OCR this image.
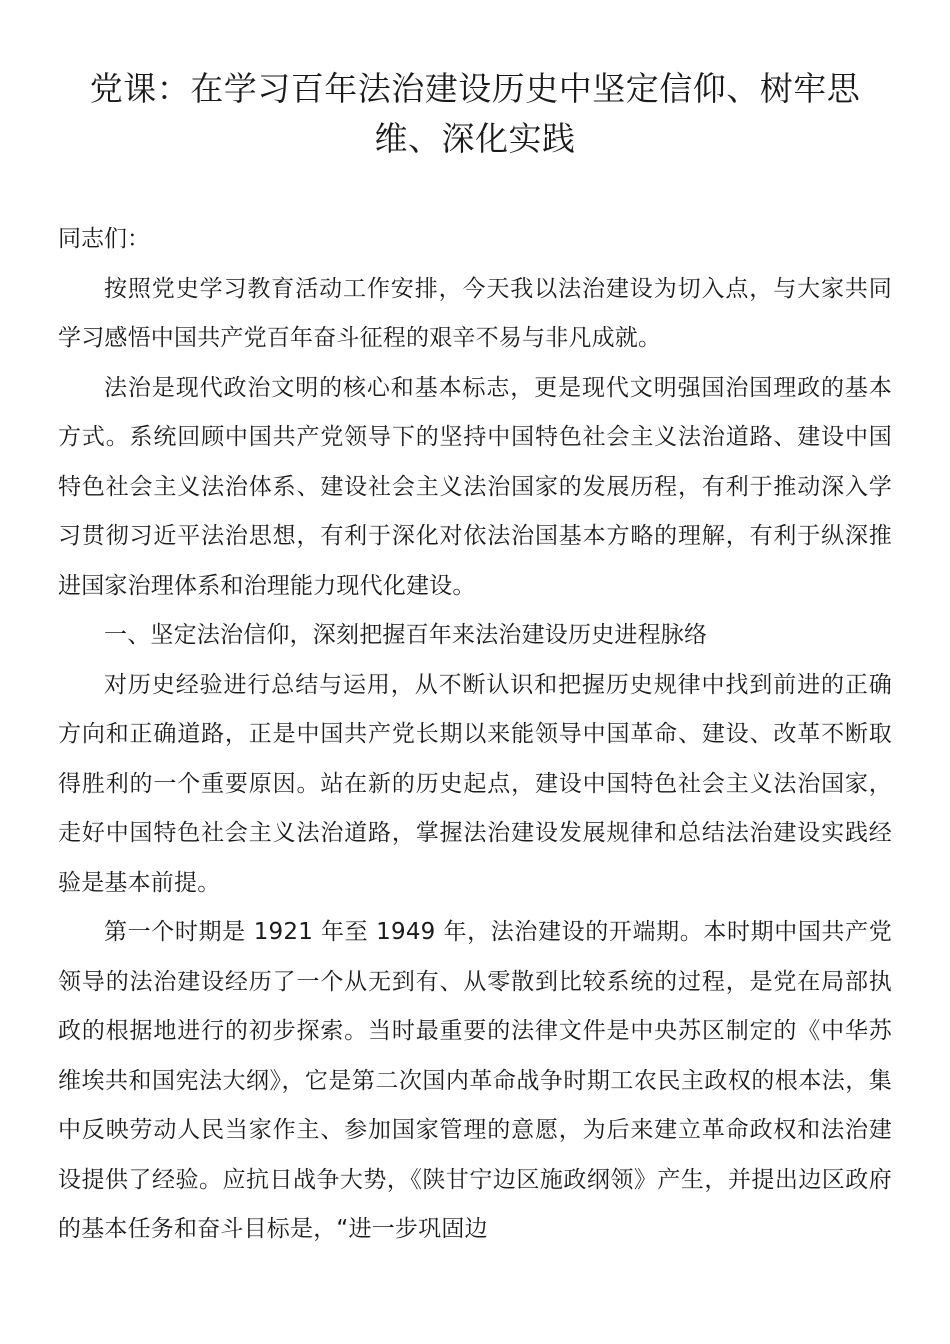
党课：在学习百年法治建设历史中坚定信仰、树牢思维、深化实践

同志们：

按照党史学习教育活动工作安排，今天我以法治建设为切入点，与大家共同学习感悟中国共产党百年奋斗征程的艰辛不易与非凡成就。

法治是现代政治文明的核心和基本标志，更是现代文明强国治国理政的基本方式。系统回顾中国共产党领导下的坚持中国特色社会主义法治道路、建设中国特色社会主义法治体系、建设社会主义法治国家的发展历程，有利于推动深入学习贯彻习近平法治思想，有利于深化对依法治国基本方略的理解，有利于纵深推进国家治理体系和治理能力现代化建设。

一、坚定法治信仰，深刻把握百年来法治建设历史进程脉络

对历史经验进行总结与运用，从不断认识和把握历史规律中找到前进的正确方向和正确道路，正是中国共产党长期以来能领导中国革命、建设、改革不断取得胜利的一个重要原因。站在新的历史起点，建设中国特色社会主义法治国家，走好中国特色社会主义法治道路，掌握法治建设发展规律和总结法治建设实践经验是基本前提。

第一个时期是 1921 年至 1949 年，法治建设的开端期。本时期中国共产党领导的法治建设经历了一个从无到有、从零散到比较系统的过程，是党在局部执政的根据地进行的初步探索。当时最重要的法律文件是中央苏区制定的《中华苏维埃共和国宪法大纲》，它是第二次国内革命战争时期工农民主政权的根本法，集中反映劳动人民当家作主、参加国家管理的意愿，为后来建立革命政权和法治建设提供了经验。应抗日战争大势，《陕甘宁边区施政纲领》产生，并提出边区政府的基本任务和奋斗目标是，“进一步巩固边
